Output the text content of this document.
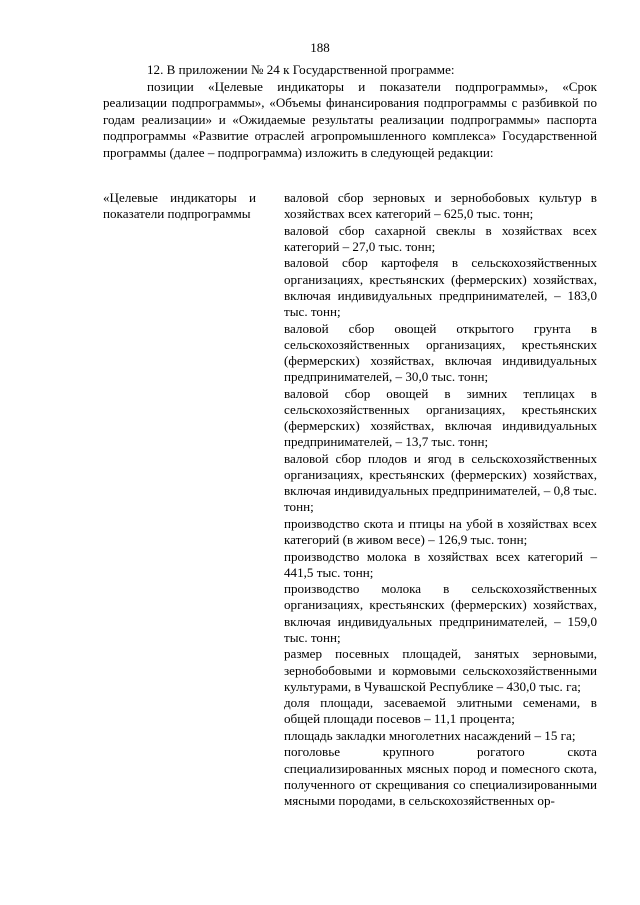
188

12. В приложении № 24 к Государственной программе:

позиции «Целевые индикаторы и показатели подпрограммы», «Срок реализации подпрограммы», «Объемы финансирования подпрограммы с разбивкой по годам реализации» и «Ожидаемые результаты реализации подпрограммы» паспорта подпрограммы «Развитие отраслей агропромышленного комплекса» Государственной программы (далее – подпрограмма) изложить в следующей редакции:

«Целевые индикаторы и показатели подпрограммы

валовой сбор зерновых и зернобобовых культур в хозяйствах всех категорий – 625,0 тыс. тонн;

валовой сбор сахарной свеклы в хозяйствах всех категорий – 27,0 тыс. тонн;

валовой сбор картофеля в сельскохозяйственных организациях, крестьянских (фермерских) хозяйствах, включая индивидуальных предпринимателей, – 183,0 тыс. тонн;

валовой сбор овощей открытого грунта в сельскохозяйственных организациях, крестьянских (фермерских) хозяйствах, включая индивидуальных предпринимателей, – 30,0 тыс. тонн;

валовой сбор овощей в зимних теплицах в сельскохозяйственных организациях, крестьянских (фермерских) хозяйствах, включая индивидуальных предпринимателей, – 13,7 тыс. тонн;

валовой сбор плодов и ягод в сельскохозяйственных организациях, крестьянских (фермерских) хозяйствах, включая индивидуальных предпринимателей, – 0,8 тыс. тонн;

производство скота и птицы на убой в хозяйствах всех категорий (в живом весе) – 126,9 тыс. тонн;

производство молока в хозяйствах всех категорий – 441,5 тыс. тонн;

производство молока в сельскохозяйственных организациях, крестьянских (фермерских) хозяйствах, включая индивидуальных предпринимателей, – 159,0 тыс. тонн;

размер посевных площадей, занятых зерновыми, зернобобовыми и кормовыми сельскохозяйственными культурами, в Чувашской Республике – 430,0 тыс. га;

доля площади, засеваемой элитными семенами, в общей площади посевов – 11,1 процента;

площадь закладки многолетних насаждений – 15 га;

поголовье крупного рогатого скота специализированных мясных пород и помесного скота, полученного от скрещивания со специализированными мясными породами, в сельскохозяйственных ор-
